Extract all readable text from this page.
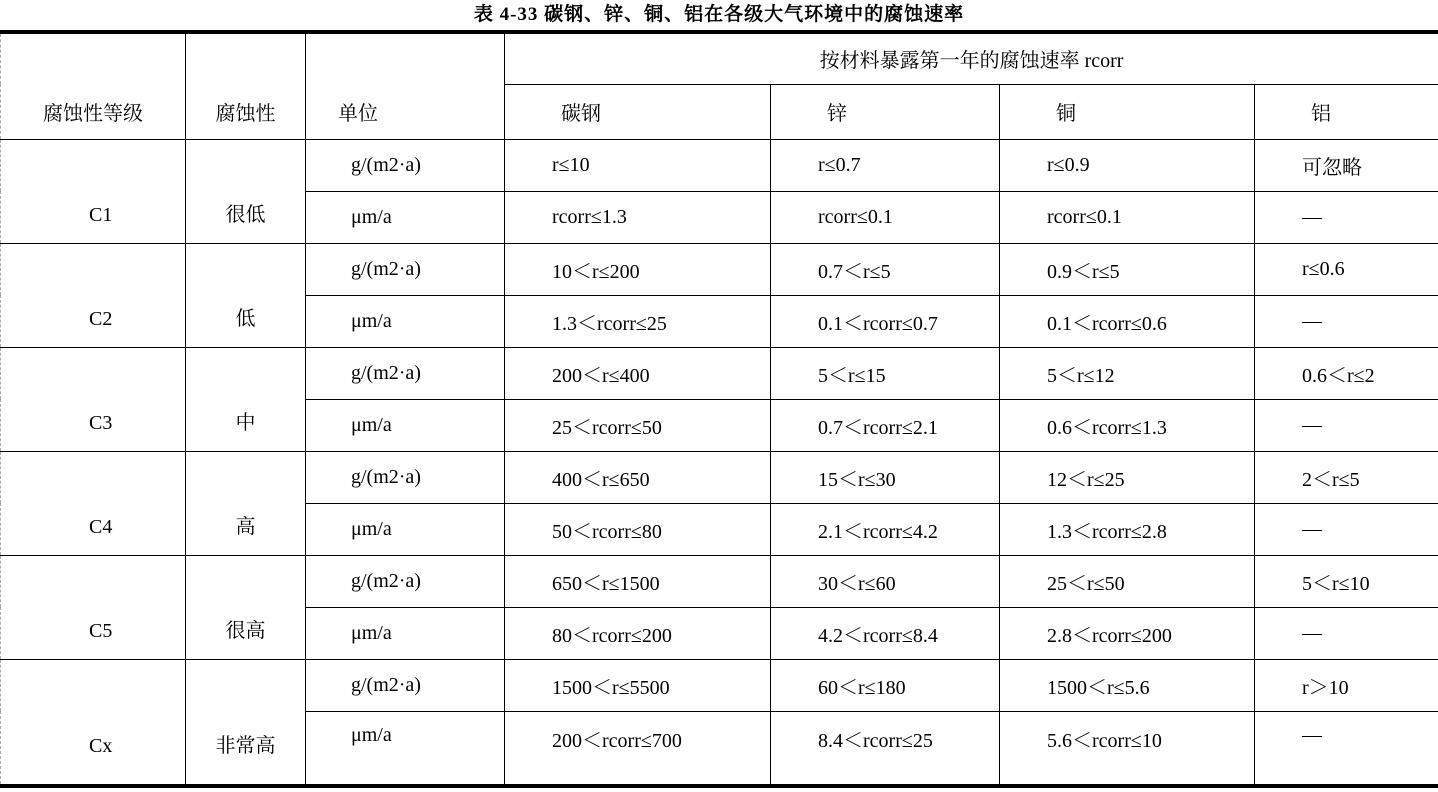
表 4-33 碳钢、锌、铜、铝在各级大气环境中的腐蚀速率
腐蚀性等级	腐蚀性	单位	按材料暴露第一年的腐蚀速率 rcorr			
			碳钢	锌	铜	铝
C1	很低	g/(m2·a)	r≤10	r≤0.7	r≤0.9	可忽略
		μm/a	rcorr≤1.3	rcorr≤0.1	rcorr≤0.1	—
C2	低	g/(m2·a)	10＜r≤200	0.7＜r≤5	0.9＜r≤5	r≤0.6
		μm/a	1.3＜rcorr≤25	0.1＜rcorr≤0.7	0.1＜rcorr≤0.6	—
C3	中	g/(m2·a)	200＜r≤400	5＜r≤15	5＜r≤12	0.6＜r≤2
		μm/a	25＜rcorr≤50	0.7＜rcorr≤2.1	0.6＜rcorr≤1.3	—
C4	高	g/(m2·a)	400＜r≤650	15＜r≤30	12＜r≤25	2＜r≤5
		μm/a	50＜rcorr≤80	2.1＜rcorr≤4.2	1.3＜rcorr≤2.8	—
C5	很高	g/(m2·a)	650＜r≤1500	30＜r≤60	25＜r≤50	5＜r≤10
		μm/a	80＜rcorr≤200	4.2＜rcorr≤8.4	2.8＜rcorr≤200	—
Cx	非常高	g/(m2·a)	1500＜r≤5500	60＜r≤180	1500＜r≤5.6	r＞10
		μm/a	200＜rcorr≤700	8.4＜rcorr≤25	5.6＜rcorr≤10	—
